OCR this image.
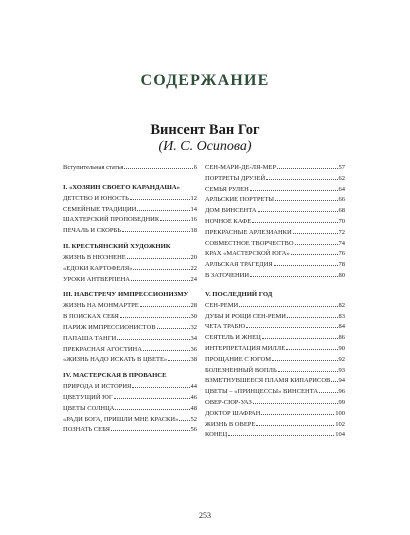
СОДЕРЖАНИЕ
Винсент Ван Гог
(И. С. Осипова)
Вступительная статья	6
I. «ХОЗЯИН СВОЕГО КАРАНДАША»
ДЕТСТВО И ЮНОСТЬ	12
СЕМЕЙНЫЕ ТРАДИЦИИ	14
ШАХТЕРСКИЙ ПРОПОВЕДНИК	16
ПЕЧАЛЬ И СКОРБЬ	18
II. КРЕСТЬЯНСКИЙ ХУДОЖНИК
ЖИЗНЬ В НЮЭНЕНЕ	20
«ЕДОКИ КАРТОФЕЛЯ»	22
УРОКИ АНТВЕРПЕНА	24
III. НАВСТРЕЧУ ИМПРЕССИОНИЗМУ
ЖИЗНЬ НА МОНМАРТРЕ	28
В ПОИСКАХ СЕБЯ	30
ПАРИЖ ИМПРЕССИОНИСТОВ	32
ПАПАША ТАНГИ	34
ПРЕКРАСНАЯ АГОСТИНА	36
«ЖИЗНЬ НАДО ИСКАТЬ В ЦВЕТЕ»	38
IV. МАСТЕРСКАЯ В ПРОВАНСЕ
ПРИРОДА И ИСТОРИЯ	44
ЦВЕТУЩИЙ ЮГ	46
ЦВЕТЫ СОЛНЦА	48
«РАДИ БОГА, ПРИШЛИ МНЕ КРАСКИ» 52
ПОЗНАТЬ СЕБЯ	56
СЕН-МАРИ-ДЕ-ЛЯ-МЕР	57
ПОРТРЕТЫ ДРУЗЕЙ	62
СЕМЬЯ РУЛЕН	64
АРЛЬСКИЕ ПОРТРЕТЫ	66
ДОМ ВИНСЕНТА	68
НОЧНОЕ КАФЕ	70
ПРЕКРАСНЫЕ АРЛЕЗИАНКИ	72
СОВМЕСТНОЕ ТВОРЧЕСТВО	74
КРАХ «МАСТЕРСКОЙ ЮГА»	76
АРЛЬСКАЯ ТРАГЕДИЯ	78
В ЗАТОЧЕНИИ	80
V. ПОСЛЕДНИЙ ГОД
СЕН-РЕМИ	82
ДУБЫ И РОЩИ СЕН-РЕМИ	83
ЧЕТА ТРАБЮ	84
СЕЯТЕЛЬ И ЖНЕЦ	86
ИНТЕРПРЕТАЦИЯ МИЛЛЕ	90
ПРОЩАНИЕ С ЮГОМ	92
БОЛЕЗНЕННЫЙ ВОПЛЬ	93
ВЗМЕТНУВШЕЕСЯ ПЛАМЯ КИПАРИСОВ 94
ЦВЕТЫ – «ПРИНЦЕССЫ» ВИНСЕНТА	96
ОВЕР-СЮР-УАЗ	99
ДОКТОР ШАФРАН	100
ЖИЗНЬ В ОВЕРЕ	102
КОНЕЦ	104
253
